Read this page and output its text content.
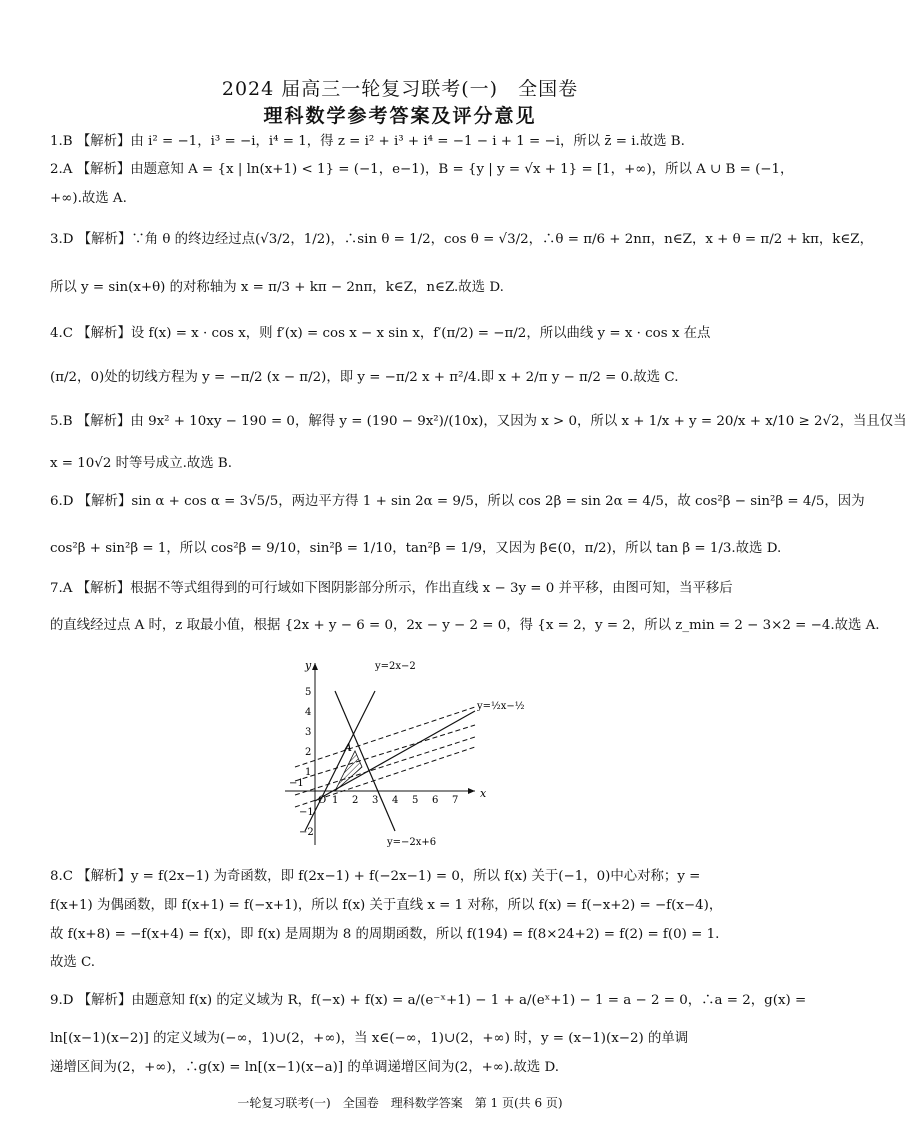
2024 届高三一轮复习联考(一)　全国卷
理科数学参考答案及评分意见
1.B 【解析】由 i² = −1，i³ = −i，i⁴ = 1，得 z = i² + i³ + i⁴ = −1 − i + 1 = −i，所以 z̄ = i.故选 B.
2.A 【解析】由题意知 A = {x | ln(x+1) < 1} = (−1，e−1)，B = {y | y = √x + 1} = [1，+∞)，所以 A ∪ B = (−1，
+∞).故选 A.
3.D 【解析】∵角 θ 的终边经过点(√3/2，1/2)，∴sin θ = 1/2，cos θ = √3/2，∴θ = π/6 + 2nπ，n∈Z，x + θ = π/2 + kπ，k∈Z，
所以 y = sin(x+θ) 的对称轴为 x = π/3 + kπ − 2nπ，k∈Z，n∈Z.故选 D.
4.C 【解析】设 f(x) = x · cos x，则 f′(x) = cos x − x sin x，f′(π/2) = −π/2，所以曲线 y = x · cos x 在点
(π/2，0)处的切线方程为 y = −π/2 (x − π/2)，即 y = −π/2 x + π²/4.即 x + 2/π y − π/2 = 0.故选 C.
5.B 【解析】由 9x² + 10xy − 190 = 0，解得 y = (190 − 9x²)/(10x)，又因为 x > 0，所以 x + 1/x + y = 20/x + x/10 ≥ 2√2，当且仅当
x = 10√2 时等号成立.故选 B.
6.D 【解析】sin α + cos α = 3√5/5，两边平方得 1 + sin 2α = 9/5，所以 cos 2β = sin 2α = 4/5，故 cos²β − sin²β = 4/5，因为
cos²β + sin²β = 1，所以 cos²β = 9/10，sin²β = 1/10，tan²β = 1/9，又因为 β∈(0，π/2)，所以 tan β = 1/3.故选 D.
7.A 【解析】根据不等式组得到的可行域如下图阴影部分所示，作出直线 x − 3y = 0 并平移，由图可知，当平移后
的直线经过点 A 时，z 取最小值，根据 {2x + y − 6 = 0，2x − y − 2 = 0，得 {x = 2，y = 2，所以 z_min = 2 − 3×2 = −4.故选 A.
x
y
O
A
y=2x−2
y=½x−½
y=−2x+6
−1
1 2 3 4 5 6 7
1
2
3
4
5
−1
−2
8.C 【解析】y = f(2x−1) 为奇函数，即 f(2x−1) + f(−2x−1) = 0，所以 f(x) 关于(−1，0)中心对称；y =
f(x+1) 为偶函数，即 f(x+1) = f(−x+1)，所以 f(x) 关于直线 x = 1 对称，所以 f(x) = f(−x+2) = −f(x−4)，
故 f(x+8) = −f(x+4) = f(x)，即 f(x) 是周期为 8 的周期函数，所以 f(194) = f(8×24+2) = f(2) = f(0) = 1.
故选 C.
9.D 【解析】由题意知 f(x) 的定义域为 R，f(−x) + f(x) = a/(e⁻ˣ+1) − 1 + a/(eˣ+1) − 1 = a − 2 = 0，∴a = 2，g(x) =
ln[(x−1)(x−2)] 的定义域为(−∞，1)∪(2，+∞)，当 x∈(−∞，1)∪(2，+∞) 时，y = (x−1)(x−2) 的单调
递增区间为(2，+∞)，∴g(x) = ln[(x−1)(x−a)] 的单调递增区间为(2，+∞).故选 D.
一轮复习联考(一)　全国卷　理科数学答案　第 1 页(共 6 页)
